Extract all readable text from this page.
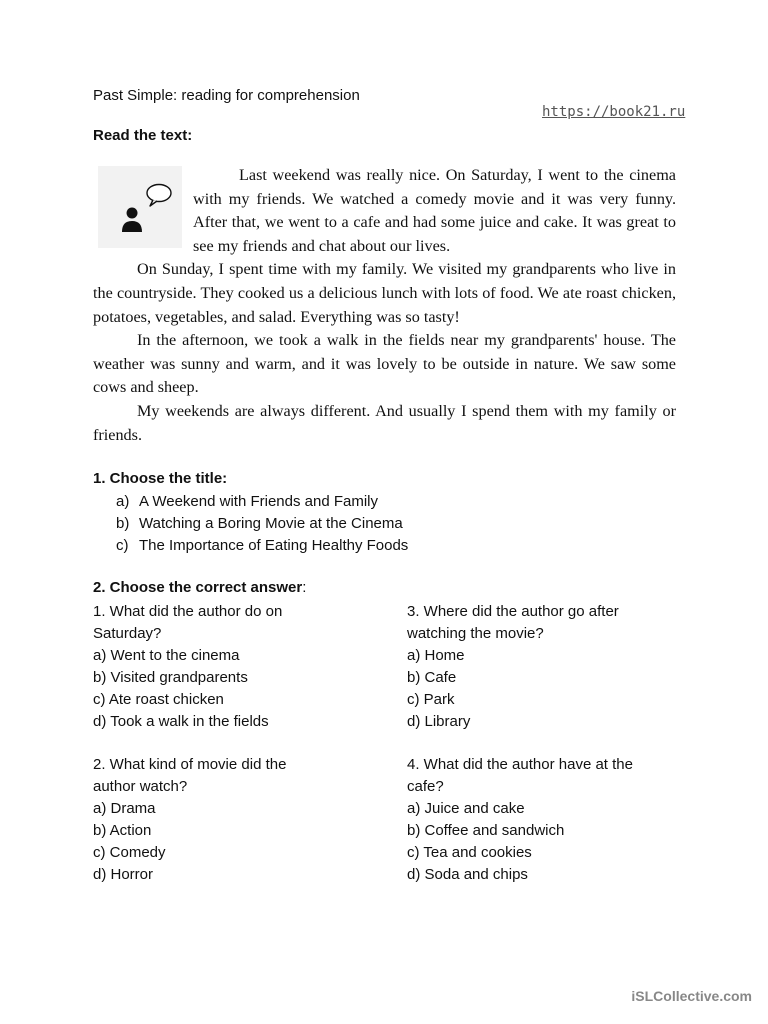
Past Simple: reading for comprehension
https://book21.ru
Read the text:

Last weekend was really nice. On Saturday, I went to the cinema with my friends. We watched a comedy movie and it was very funny. After that, we went to a cafe and had some juice and cake. It was great to see my friends and chat about our lives.

On Sunday, I spent time with my family. We visited my grandparents who live in the countryside. They cooked us a delicious lunch with lots of food. We ate roast chicken, potatoes, vegetables, and salad. Everything was so tasty!

In the afternoon, we took a walk in the fields near my grandparents' house. The weather was sunny and warm, and it was lovely to be outside in nature. We saw some cows and sheep.

My weekends are always different. And usually I spend them with my family or friends.

1. Choose the title:
a) A Weekend with Friends and Family
b) Watching a Boring Movie at the Cinema
c) The Importance of Eating Healthy Foods
2. Choose the correct answer:

1. What did the author do on Saturday?

a) Went to the cinema
b) Visited grandparents
c) Ate roast chicken
d) Took a walk in the fields

2. What kind of movie did the author watch?

a) Drama
b) Action
c) Comedy
d) Horror

3. Where did the author go after watching the movie?

a) Home
b) Cafe
c) Park
d) Library

4. What did the author have at the cafe?

a) Juice and cake
b) Coffee and sandwich
c) Tea and cookies
d) Soda and chips
iSLCollective.com
